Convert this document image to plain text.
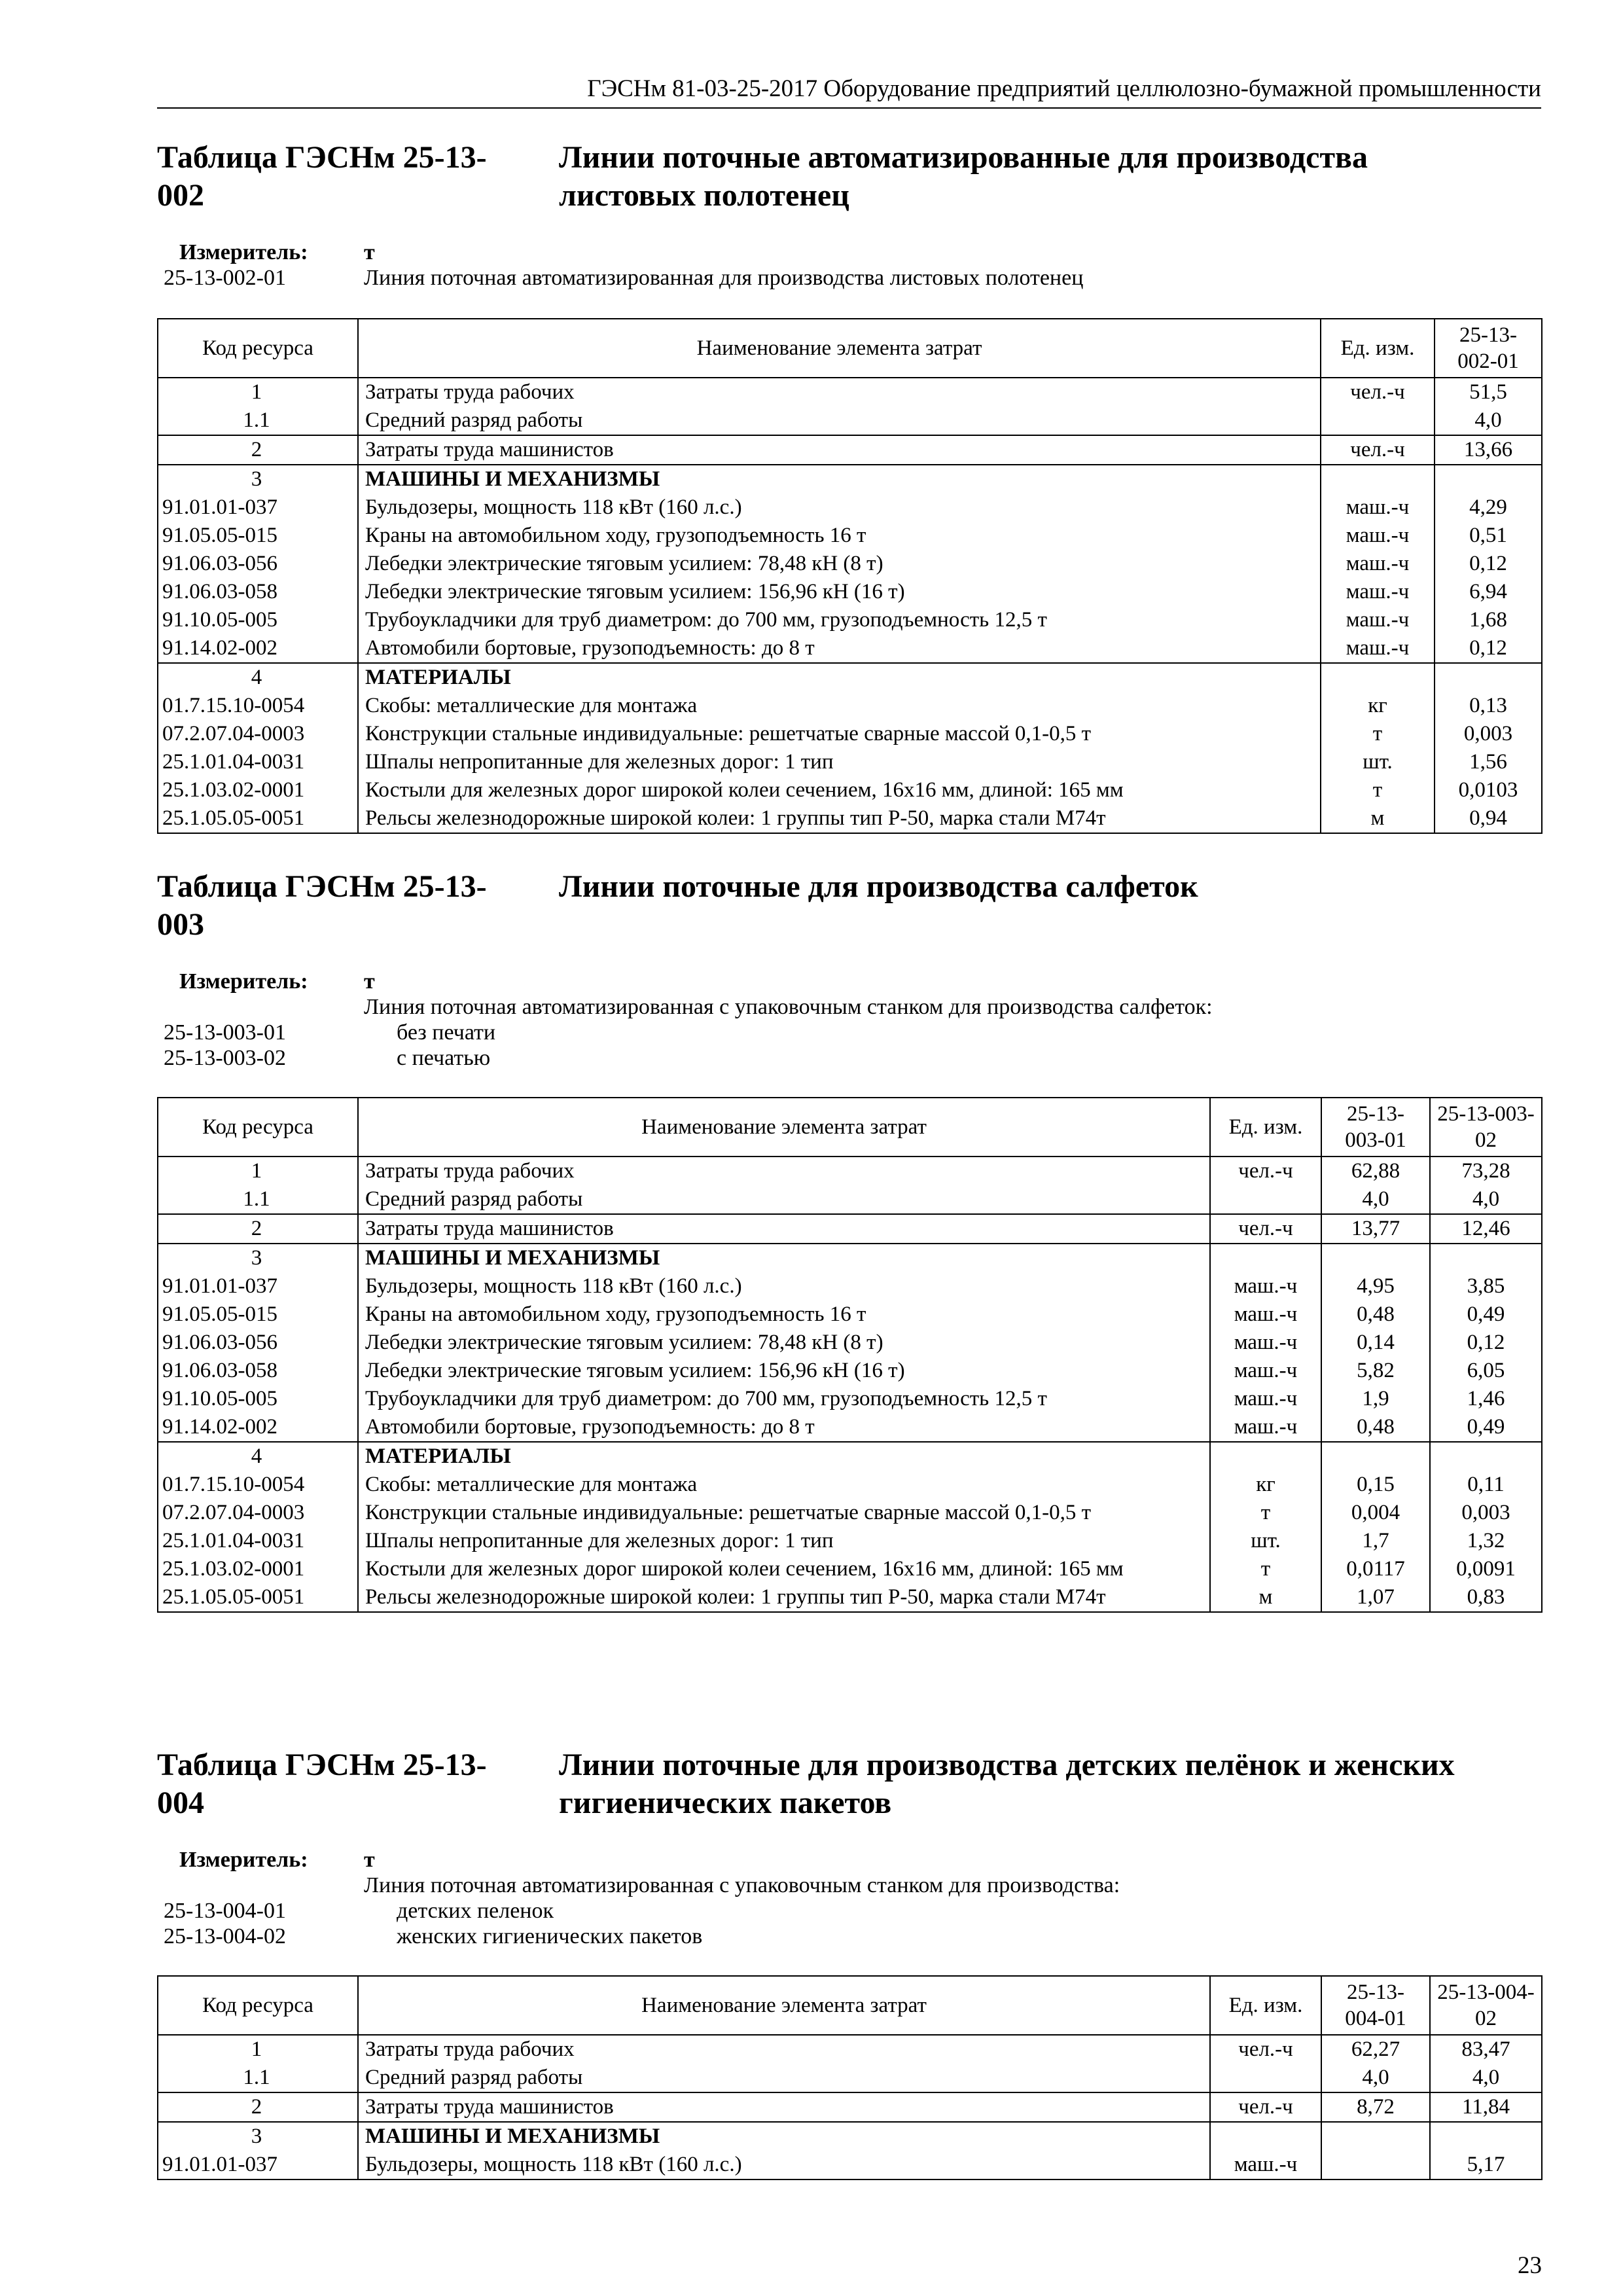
ГЭСНм 81-03-25-2017 Оборудование предприятий целлюлозно-бумажной промышленности
Таблица ГЭСНм 25-13-
002
Линии поточные автоматизированные для производства
листовых полотенец
Измеритель:	т
25-13-002-01	Линия поточная автоматизированная для производства листовых полотенец
Код ресурса	Наименование элемента затрат	Ед. изм.	25-13-002-01
1	Затраты труда рабочих	чел.-ч	51,5
1.1	Средний разряд работы		4,0
2	Затраты труда машинистов	чел.-ч	13,66
3	МАШИНЫ И МЕХАНИЗМЫ		
91.01.01-037	Бульдозеры, мощность 118 кВт (160 л.с.)	маш.-ч	4,29
91.05.05-015	Краны на автомобильном ходу, грузоподъемность 16 т	маш.-ч	0,51
91.06.03-056	Лебедки электрические тяговым усилием: 78,48 кН (8 т)	маш.-ч	0,12
91.06.03-058	Лебедки электрические тяговым усилием: 156,96 кН (16 т)	маш.-ч	6,94
91.10.05-005	Трубоукладчики для труб диаметром: до 700 мм, грузоподъемность 12,5 т	маш.-ч	1,68
91.14.02-002	Автомобили бортовые, грузоподъемность: до 8 т	маш.-ч	0,12
4	МАТЕРИАЛЫ		
01.7.15.10-0054	Скобы: металлические для монтажа	кг	0,13
07.2.07.04-0003	Конструкции стальные индивидуальные: решетчатые сварные массой 0,1-0,5 т	т	0,003
25.1.01.04-0031	Шпалы непропитанные для железных дорог: 1 тип	шт.	1,56
25.1.03.02-0001	Костыли для железных дорог широкой колеи сечением, 16х16 мм, длиной: 165 мм	т	0,0103
25.1.05.05-0051	Рельсы железнодорожные широкой колеи: 1 группы тип Р-50, марка стали М74т	м	0,94
Таблица ГЭСНм 25-13-
003
Линии поточные для производства салфеток
Измеритель:	т
Линия поточная автоматизированная с упаковочным станком для производства салфеток:
25-13-003-01	без печати
25-13-003-02	с печатью
Код ресурса	Наименование элемента затрат	Ед. изм.	25-13-003-01	25-13-003-02
1	Затраты труда рабочих	чел.-ч	62,88	73,28
1.1	Средний разряд работы		4,0	4,0
2	Затраты труда машинистов	чел.-ч	13,77	12,46
3	МАШИНЫ И МЕХАНИЗМЫ			
91.01.01-037	Бульдозеры, мощность 118 кВт (160 л.с.)	маш.-ч	4,95	3,85
91.05.05-015	Краны на автомобильном ходу, грузоподъемность 16 т	маш.-ч	0,48	0,49
91.06.03-056	Лебедки электрические тяговым усилием: 78,48 кН (8 т)	маш.-ч	0,14	0,12
91.06.03-058	Лебедки электрические тяговым усилием: 156,96 кН (16 т)	маш.-ч	5,82	6,05
91.10.05-005	Трубоукладчики для труб диаметром: до 700 мм, грузоподъемность 12,5 т	маш.-ч	1,9	1,46
91.14.02-002	Автомобили бортовые, грузоподъемность: до 8 т	маш.-ч	0,48	0,49
4	МАТЕРИАЛЫ			
01.7.15.10-0054	Скобы: металлические для монтажа	кг	0,15	0,11
07.2.07.04-0003	Конструкции стальные индивидуальные: решетчатые сварные массой 0,1-0,5 т	т	0,004	0,003
25.1.01.04-0031	Шпалы непропитанные для железных дорог: 1 тип	шт.	1,7	1,32
25.1.03.02-0001	Костыли для железных дорог широкой колеи сечением, 16х16 мм, длиной: 165 мм	т	0,0117	0,0091
25.1.05.05-0051	Рельсы железнодорожные широкой колеи: 1 группы тип Р-50, марка стали М74т	м	1,07	0,83
Таблица ГЭСНм 25-13-
004
Линии поточные для производства детских пелёнок и женских
гигиенических пакетов
Измеритель:	т
Линия поточная автоматизированная с упаковочным станком для производства:
25-13-004-01	детских пеленок
25-13-004-02	женских гигиенических пакетов
Код ресурса	Наименование элемента затрат	Ед. изм.	25-13-004-01	25-13-004-02
1	Затраты труда рабочих	чел.-ч	62,27	83,47
1.1	Средний разряд работы		4,0	4,0
2	Затраты труда машинистов	чел.-ч	8,72	11,84
3	МАШИНЫ И МЕХАНИЗМЫ			
91.01.01-037	Бульдозеры, мощность 118 кВт (160 л.с.)	маш.-ч		5,17
23
